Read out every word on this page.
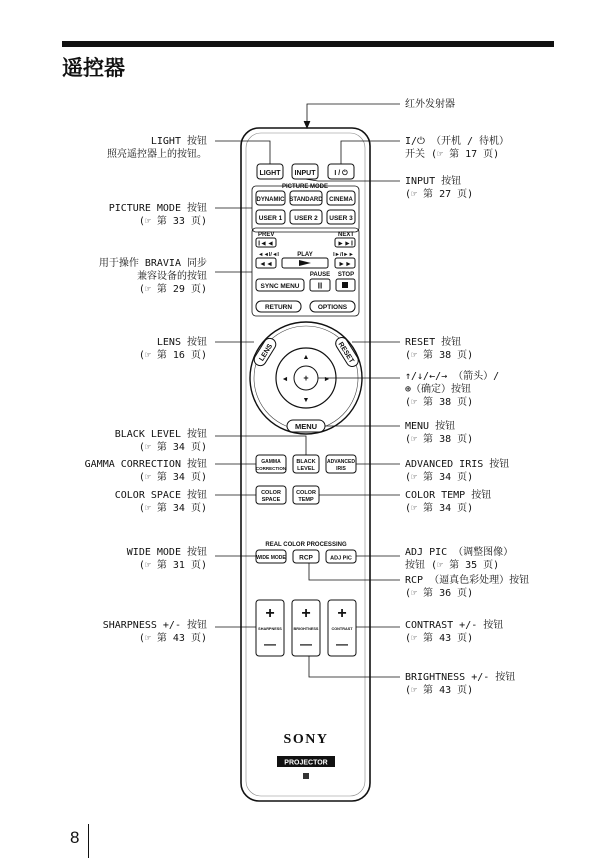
遥控器
LIGHT INPUT	I / ⏻
PICTURE MODE
DYNAMIC STANDARD CINEMA
USER 1 USER 2 USER 3
PREV	NEXT
I◄◄	►►I
◄◄I/◄I	PLAY	I►/I►►
◄◄	►►
PAUSE STOP
SYNC MENU II
RETURN	OPTIONS
+
▲
▼
◄	►
LENS	RESET
MENU
GAMMA
CORRECTION
BLACK
LEVEL
ADVANCED
IRIS
COLOR
SPACE
COLOR
TEMP
REAL COLOR PROCESSING
WIDE MODE RCP	ADJ PIC
+
SHARPNESS
—
+
BRIGHTNESS
—
+
CONTRAST
—
SONY
PROJECTOR
LIGHT 按钮
照亮遥控器上的按钮。
PICTURE MODE 按钮
(☞ 第 33 页)
用于操作 BRAVIA 同步
兼容设备的按钮
(☞ 第 29 页)
LENS 按钮
(☞ 第 16 页)
BLACK LEVEL 按钮
(☞ 第 34 页)
GAMMA CORRECTION 按钮
(☞ 第 34 页)
COLOR SPACE 按钮
(☞ 第 34 页)
WIDE MODE 按钮
(☞ 第 31 页)
SHARPNESS +/- 按钮
(☞ 第 43 页)
红外发射器
I/⏻ （开机 / 待机）
开关 (☞ 第 17 页)
INPUT 按钮
(☞ 第 27 页)
RESET 按钮
(☞ 第 38 页)
↑/↓/←/→ （箭头）/
⊕（确定）按钮
(☞ 第 38 页)
MENU 按钮
(☞ 第 38 页)
ADVANCED IRIS 按钮
(☞ 第 34 页)
COLOR TEMP 按钮
(☞ 第 34 页)
ADJ PIC （调整图像）
按钮 (☞ 第 35 页)
RCP （逼真色彩处理）按钮
(☞ 第 36 页)
CONTRAST +/- 按钮
(☞ 第 43 页)
BRIGHTNESS +/- 按钮
(☞ 第 43 页)
8
